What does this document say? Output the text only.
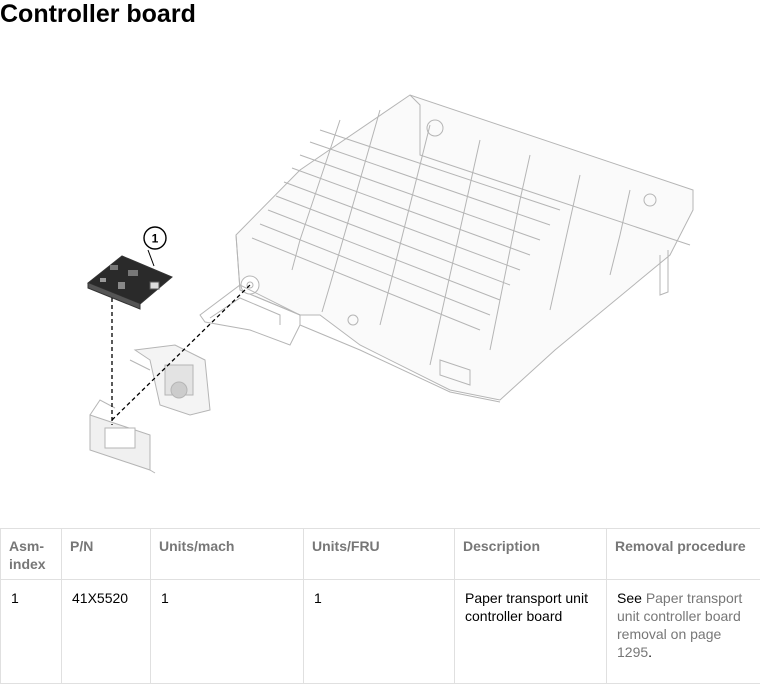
Controller board
1
Asm-index	P/N	Units/mach	Units/FRU	Description	Removal procedure
1	41X5520	1	1	Paper transport unit controller board	See Paper transport unit controller board removal on page 1295.
